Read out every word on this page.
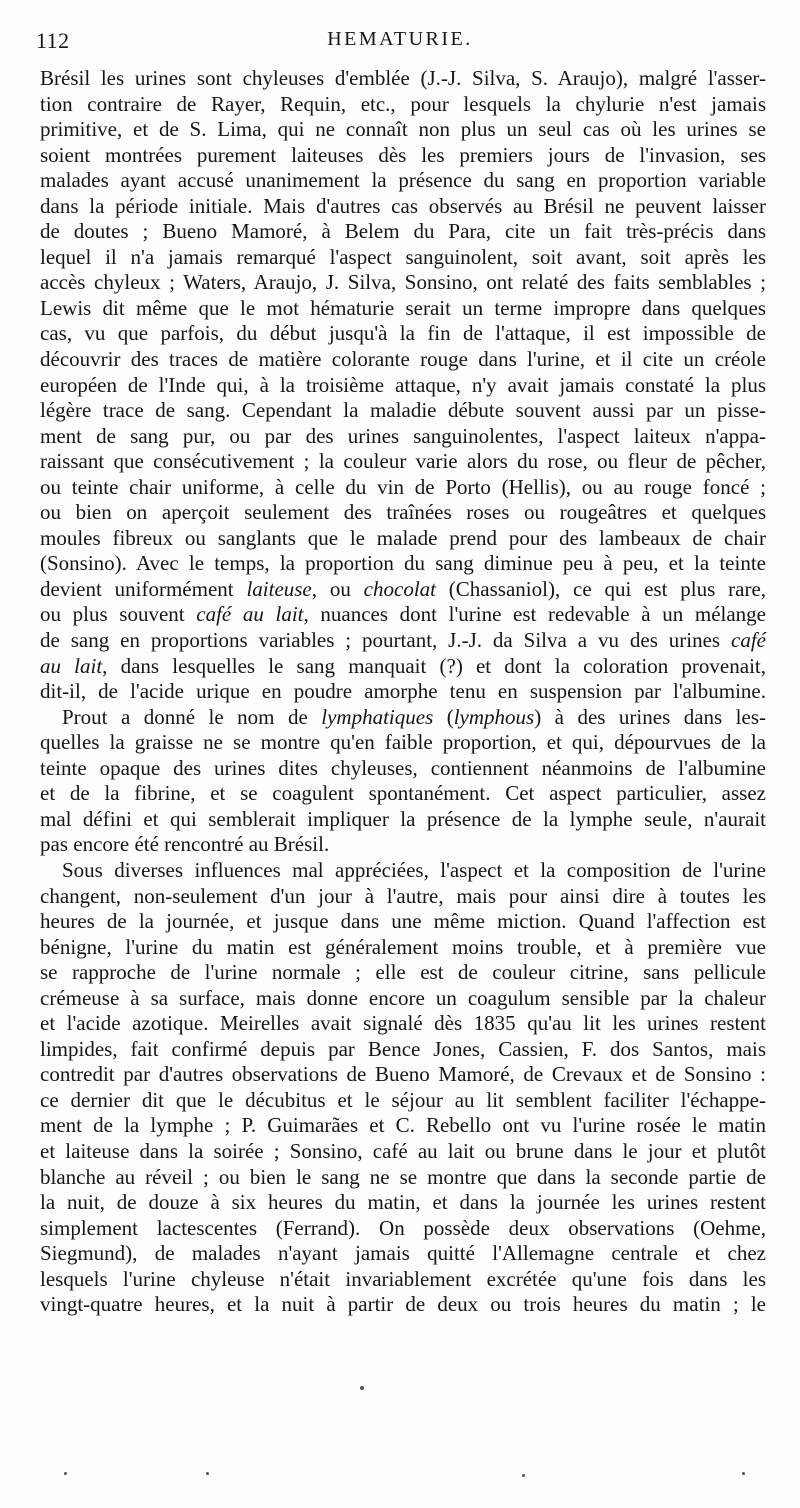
112	HEMATURIE.

Brésil les urines sont chyleuses d'emblée (J.-J. Silva, S. Araujo), malgré l'asser-
tion contraire de Rayer, Requin, etc., pour lesquels la chylurie n'est jamais
primitive, et de S. Lima, qui ne connaît non plus un seul cas où les urines se
soient montrées purement laiteuses dès les premiers jours de l'invasion, ses
malades ayant accusé unanimement la présence du sang en proportion variable
dans la période initiale. Mais d'autres cas observés au Brésil ne peuvent laisser
de doutes ; Bueno Mamoré, à Belem du Para, cite un fait très-précis dans
lequel il n'a jamais remarqué l'aspect sanguinolent, soit avant, soit après les
accès chyleux ; Waters, Araujo, J. Silva, Sonsino, ont relaté des faits semblables ;
Lewis dit même que le mot hématurie serait un terme impropre dans quelques
cas, vu que parfois, du début jusqu'à la fin de l'attaque, il est impossible de
découvrir des traces de matière colorante rouge dans l'urine, et il cite un créole
européen de l'Inde qui, à la troisième attaque, n'y avait jamais constaté la plus
légère trace de sang. Cependant la maladie débute souvent aussi par un pisse-
ment de sang pur, ou par des urines sanguinolentes, l'aspect laiteux n'appa-
raissant que consécutivement ; la couleur varie alors du rose, ou fleur de pêcher,
ou teinte chair uniforme, à celle du vin de Porto (Hellis), ou au rouge foncé ;
ou bien on aperçoit seulement des traînées roses ou rougeâtres et quelques
moules fibreux ou sanglants que le malade prend pour des lambeaux de chair
(Sonsino). Avec le temps, la proportion du sang diminue peu à peu, et la teinte
devient uniformément laiteuse, ou chocolat (Chassaniol), ce qui est plus rare,
ou plus souvent café au lait, nuances dont l'urine est redevable à un mélange
de sang en proportions variables ; pourtant, J.-J. da Silva a vu des urines café
au lait, dans lesquelles le sang manquait (?) et dont la coloration provenait,
dit-il, de l'acide urique en poudre amorphe tenu en suspension par l'albumine.

Prout a donné le nom de lymphatiques (lymphous) à des urines dans les-
quelles la graisse ne se montre qu'en faible proportion, et qui, dépourvues de la
teinte opaque des urines dites chyleuses, contiennent néanmoins de l'albumine
et de la fibrine, et se coagulent spontanément. Cet aspect particulier, assez
mal défini et qui semblerait impliquer la présence de la lymphe seule, n'aurait
pas encore été rencontré au Brésil.

Sous diverses influences mal appréciées, l'aspect et la composition de l'urine
changent, non-seulement d'un jour à l'autre, mais pour ainsi dire à toutes les
heures de la journée, et jusque dans une même miction. Quand l'affection est
bénigne, l'urine du matin est généralement moins trouble, et à première vue
se rapproche de l'urine normale ; elle est de couleur citrine, sans pellicule
crémeuse à sa surface, mais donne encore un coagulum sensible par la chaleur
et l'acide azotique. Meirelles avait signalé dès 1835 qu'au lit les urines restent
limpides, fait confirmé depuis par Bence Jones, Cassien, F. dos Santos, mais
contredit par d'autres observations de Bueno Mamoré, de Crevaux et de Sonsino :
ce dernier dit que le décubitus et le séjour au lit semblent faciliter l'échappe-
ment de la lymphe ; P. Guimarães et C. Rebello ont vu l'urine rosée le matin
et laiteuse dans la soirée ; Sonsino, café au lait ou brune dans le jour et plutôt
blanche au réveil ; ou bien le sang ne se montre que dans la seconde partie de
la nuit, de douze à six heures du matin, et dans la journée les urines restent
simplement lactescentes (Ferrand). On possède deux observations (Oehme,
Siegmund), de malades n'ayant jamais quitté l'Allemagne centrale et chez
lesquels l'urine chyleuse n'était invariablement excrétée qu'une fois dans les
vingt-quatre heures, et la nuit à partir de deux ou trois heures du matin ; le
